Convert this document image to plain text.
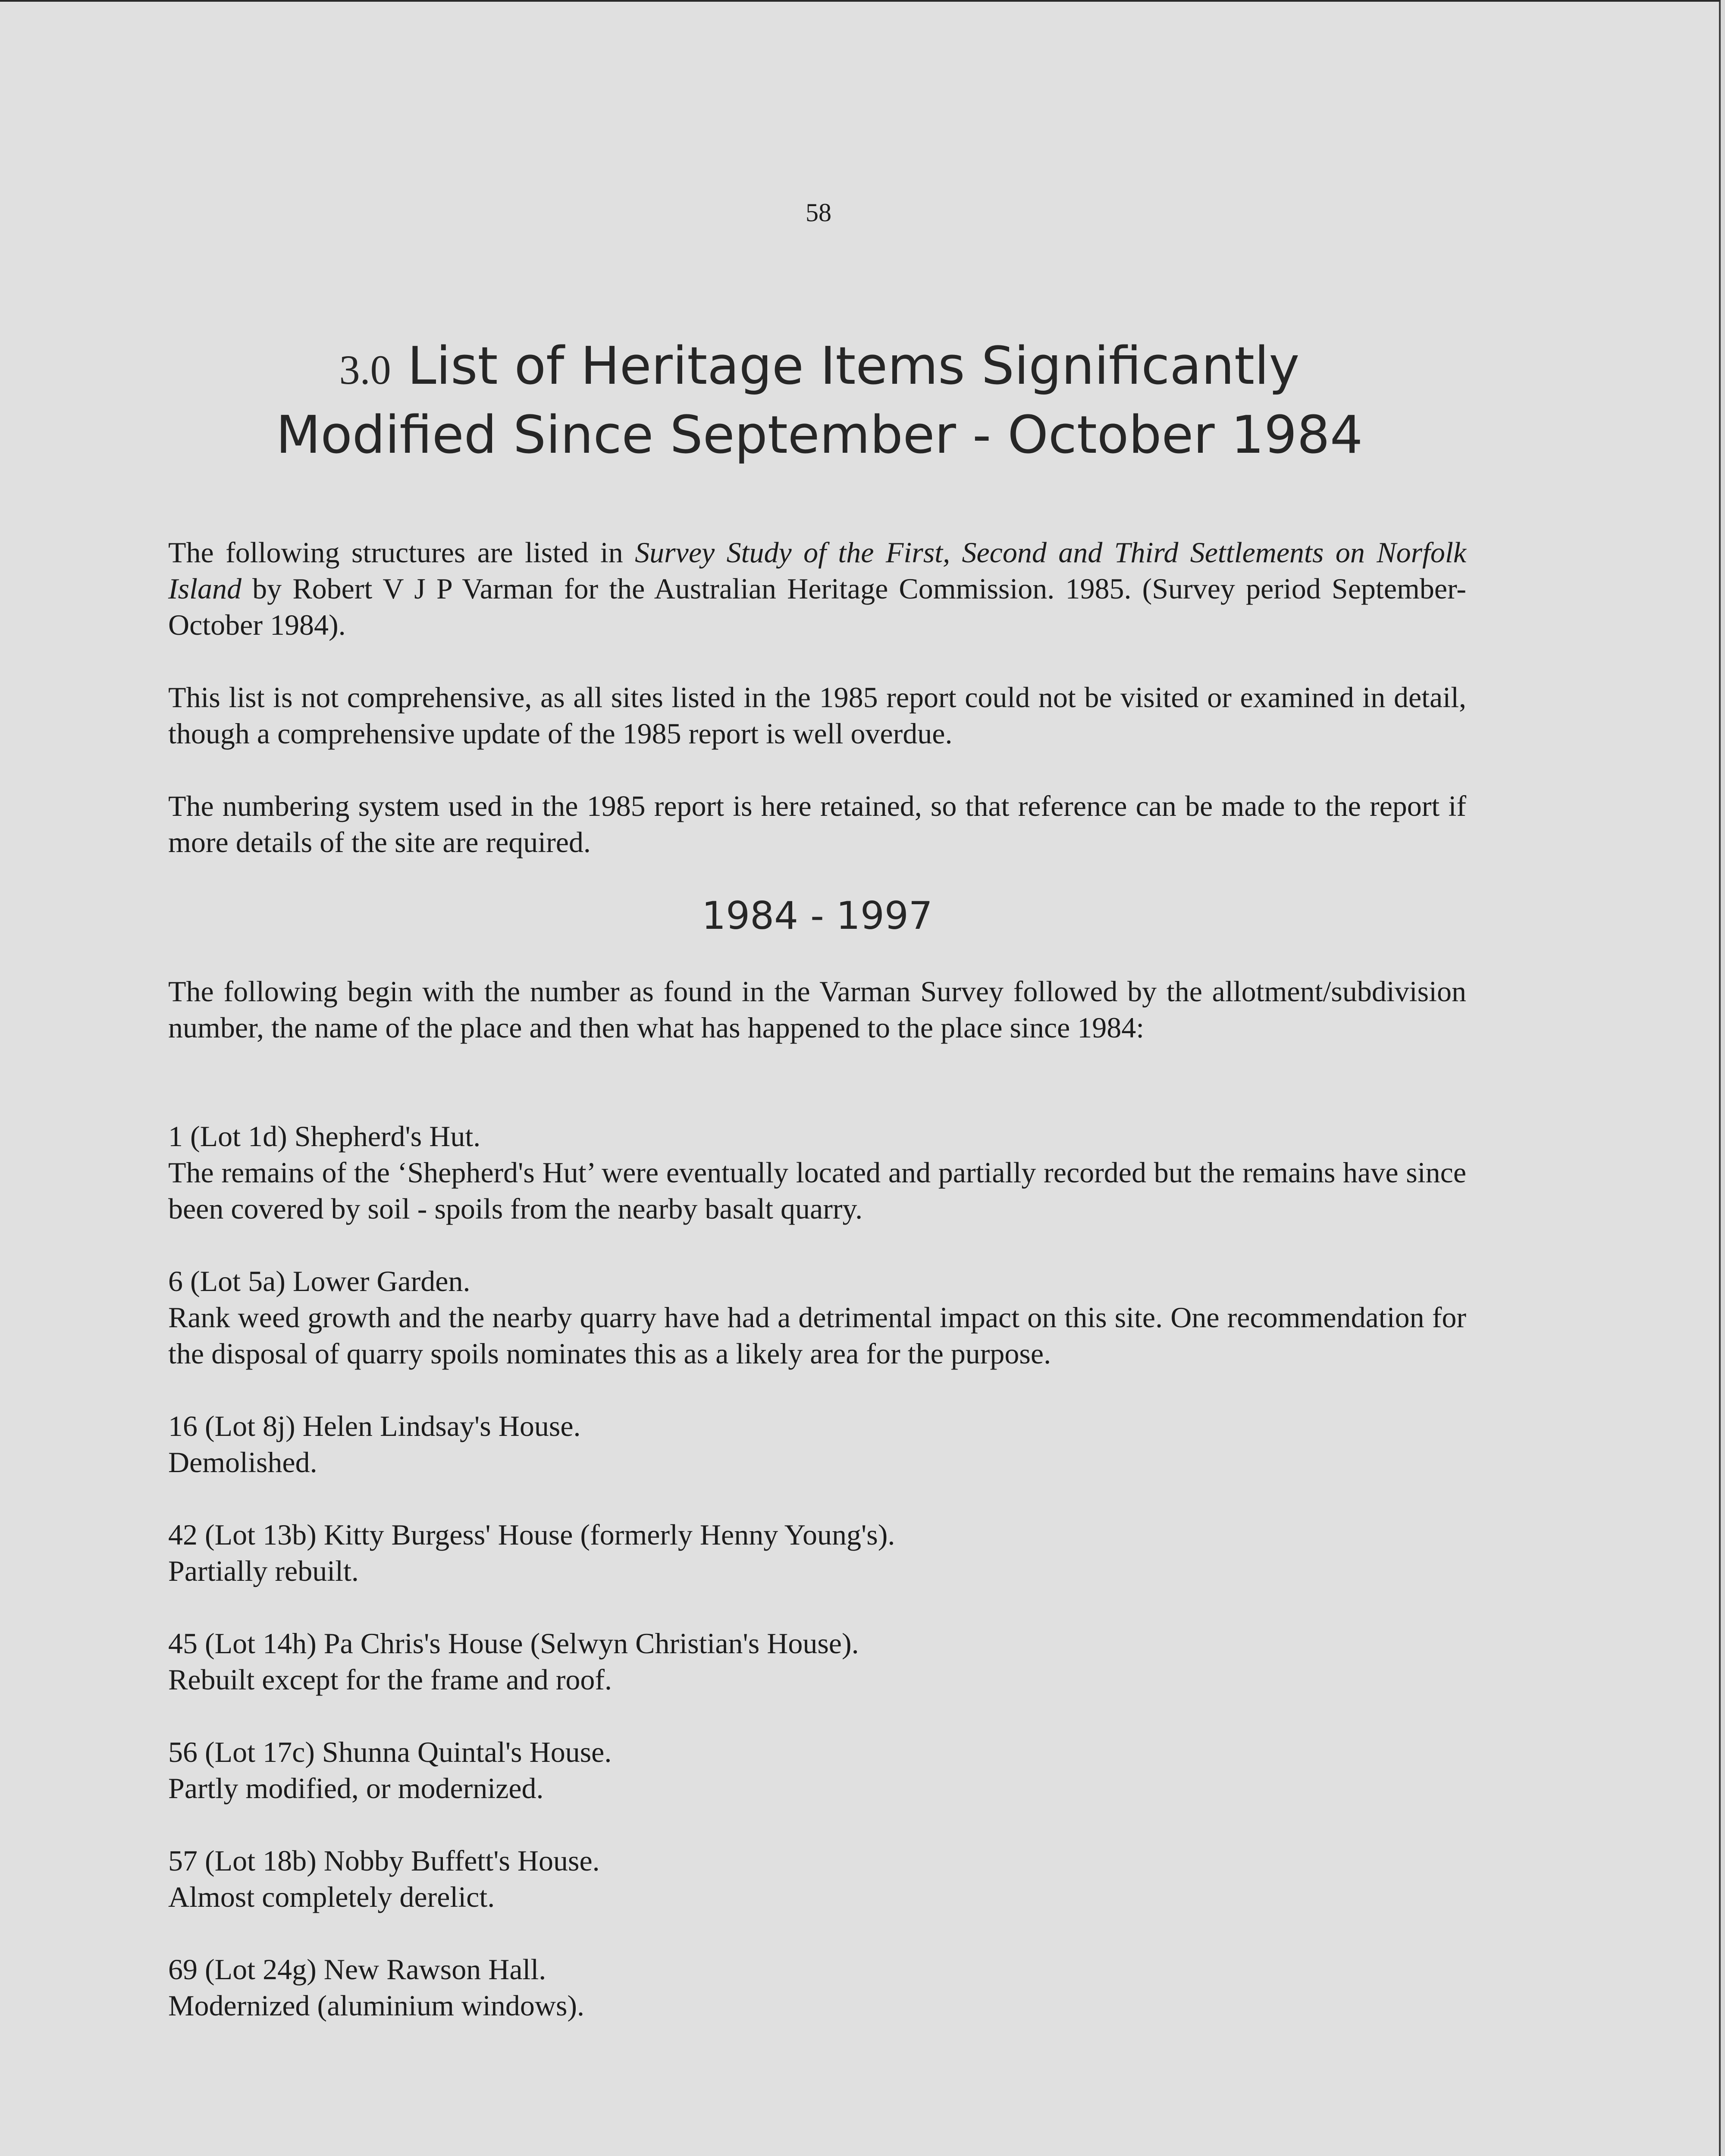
58
3.0 List of Heritage Items Significantly
Modified Since September - October 1984

The following structures are listed in Survey Study of the First, Second and Third Settlements on Norfolk Island by Robert V J P Varman for the Australian Heritage Commission. 1985. (Survey period September-October 1984).

This list is not comprehensive, as all sites listed in the 1985 report could not be visited or examined in detail, though a comprehensive update of the 1985 report is well overdue.

The numbering system used in the 1985 report is here retained, so that reference can be made to the report if more details of the site are required.

1984 - 1997

The following begin with the number as found in the Varman Survey followed by the allotment/subdivision number, the name of the place and then what has happened to the place since 1984:

1 (Lot 1d) Shepherd's Hut.
The remains of the ‘Shepherd's Hut’ were eventually located and partially recorded but the remains have since been covered by soil - spoils from the nearby basalt quarry.

6 (Lot 5a) Lower Garden.
Rank weed growth and the nearby quarry have had a detrimental impact on this site. One recommendation for the disposal of quarry spoils nominates this as a likely area for the purpose.

16 (Lot 8j) Helen Lindsay's House.
Demolished.

42 (Lot 13b) Kitty Burgess' House (formerly Henny Young's).
Partially rebuilt.

45 (Lot 14h) Pa Chris's House (Selwyn Christian's House).
Rebuilt except for the frame and roof.

56 (Lot 17c) Shunna Quintal's House.
Partly modified, or modernized.

57 (Lot 18b) Nobby Buffett's House.
Almost completely derelict.

69 (Lot 24g) New Rawson Hall.
Modernized (aluminium windows).
